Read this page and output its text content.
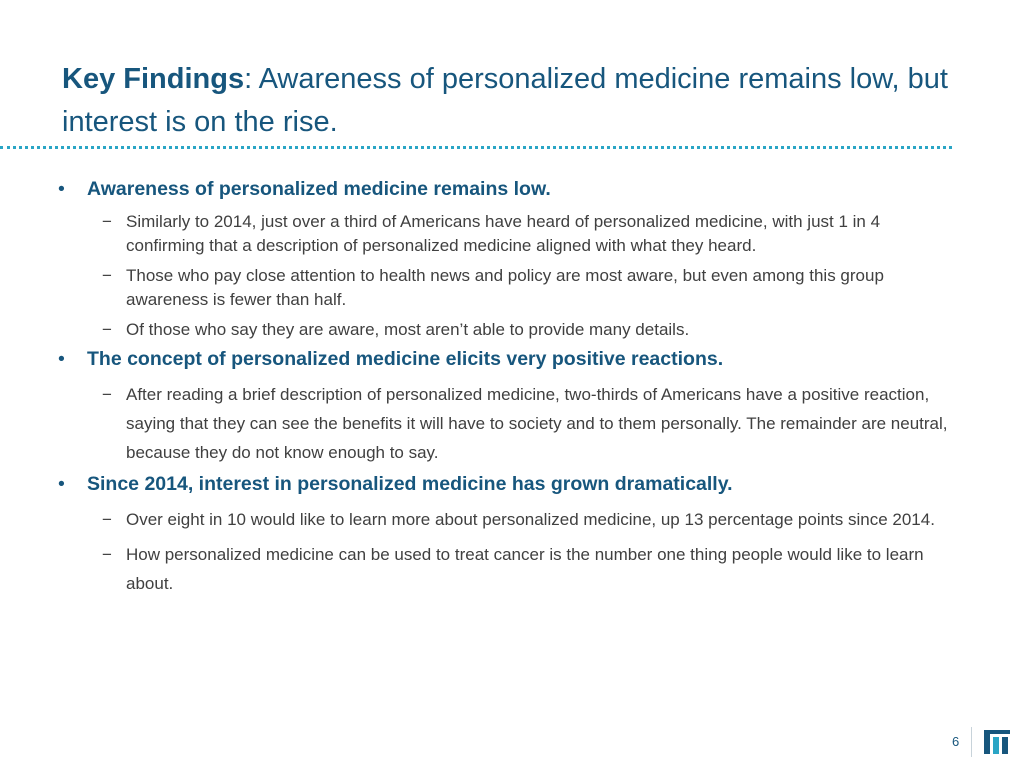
Key Findings: Awareness of personalized medicine remains low, but interest is on the rise.
• Awareness of personalized medicine remains low.
− Similarly to 2014, just over a third of Americans have heard of personalized medicine, with just 1 in 4 confirming that a description of personalized medicine aligned with what they heard.
− Those who pay close attention to health news and policy are most aware, but even among this group awareness is fewer than half.
− Of those who say they are aware, most aren’t able to provide many details.
• The concept of personalized medicine elicits very positive reactions.
− After reading a brief description of personalized medicine, two-thirds of Americans have a positive reaction, saying that they can see the benefits it will have to society and to them personally. The remainder are neutral, because they do not know enough to say.
• Since 2014, interest in personalized medicine has grown dramatically.
− Over eight in 10 would like to learn more about personalized medicine, up 13 percentage points since 2014.
− How personalized medicine can be used to treat cancer is the number one thing people would like to learn about.
6
